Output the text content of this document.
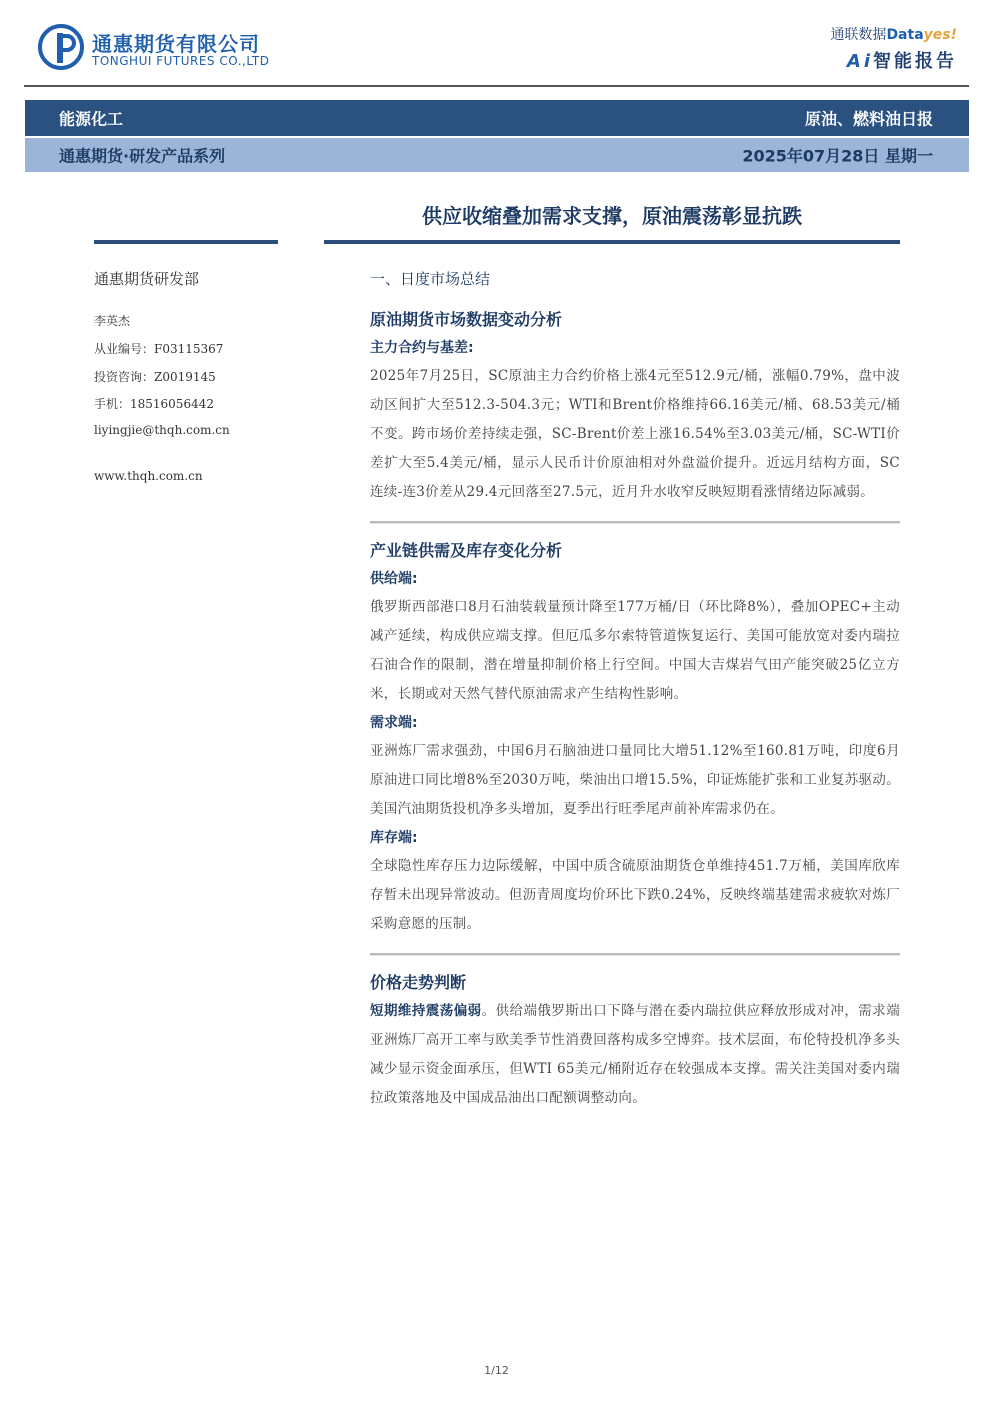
通惠期货有限公司
TONGHUI FUTURES CO.,LTD
通联数据Datayes!
Ai智能报告
能源化工	原油、燃料油日报
通惠期货·研发产品系列	2025年07月28日 星期一
供应收缩叠加需求支撑，原油震荡彰显抗跌
通惠期货研发部
李英杰
从业编号：F03115367
投资咨询：Z0019145
手机：18516056442
liyingjie@thqh.com.cn
www.thqh.com.cn
一、日度市场总结
原油期货市场数据变动分析
主力合约与基差:

2025年7月25日，SC原油主力合约价格上涨4元至512.9元/桶，涨幅0.79%，盘中波动区间扩大至512.3-504.3元；WTI和Brent价格维持66.16美元/桶、68.53美元/桶不变。跨市场价差持续走强，SC-Brent价差上涨16.54%至3.03美元/桶，SC-WTI价差扩大至5.4美元/桶，显示人民币计价原油相对外盘溢价提升。近远月结构方面，SC连续-连3价差从29.4元回落至27.5元，近月升水收窄反映短期看涨情绪边际减弱。

产业链供需及库存变化分析
供给端:

俄罗斯西部港口8月石油装载量预计降至177万桶/日（环比降8%），叠加OPEC+主动减产延续，构成供应端支撑。但厄瓜多尔索特管道恢复运行、美国可能放宽对委内瑞拉石油合作的限制，潜在增量抑制价格上行空间。中国大吉煤岩气田产能突破25亿立方米，长期或对天然气替代原油需求产生结构性影响。

需求端:

亚洲炼厂需求强劲，中国6月石脑油进口量同比大增51.12%至160.81万吨，印度6月原油进口同比增8%至2030万吨，柴油出口增15.5%，印证炼能扩张和工业复苏驱动。美国汽油期货投机净多头增加，夏季出行旺季尾声前补库需求仍在。

库存端:

全球隐性库存压力边际缓解，中国中质含硫原油期货仓单维持451.7万桶，美国库欣库存暂未出现异常波动。但沥青周度均价环比下跌0.24%，反映终端基建需求疲软对炼厂采购意愿的压制。

价格走势判断

短期维持震荡偏弱。供给端俄罗斯出口下降与潜在委内瑞拉供应释放形成对冲，需求端亚洲炼厂高开工率与欧美季节性消费回落构成多空博弈。技术层面，布伦特投机净多头减少显示资金面承压，但WTI 65美元/桶附近存在较强成本支撑。需关注美国对委内瑞拉政策落地及中国成品油出口配额调整动向。

1/12
